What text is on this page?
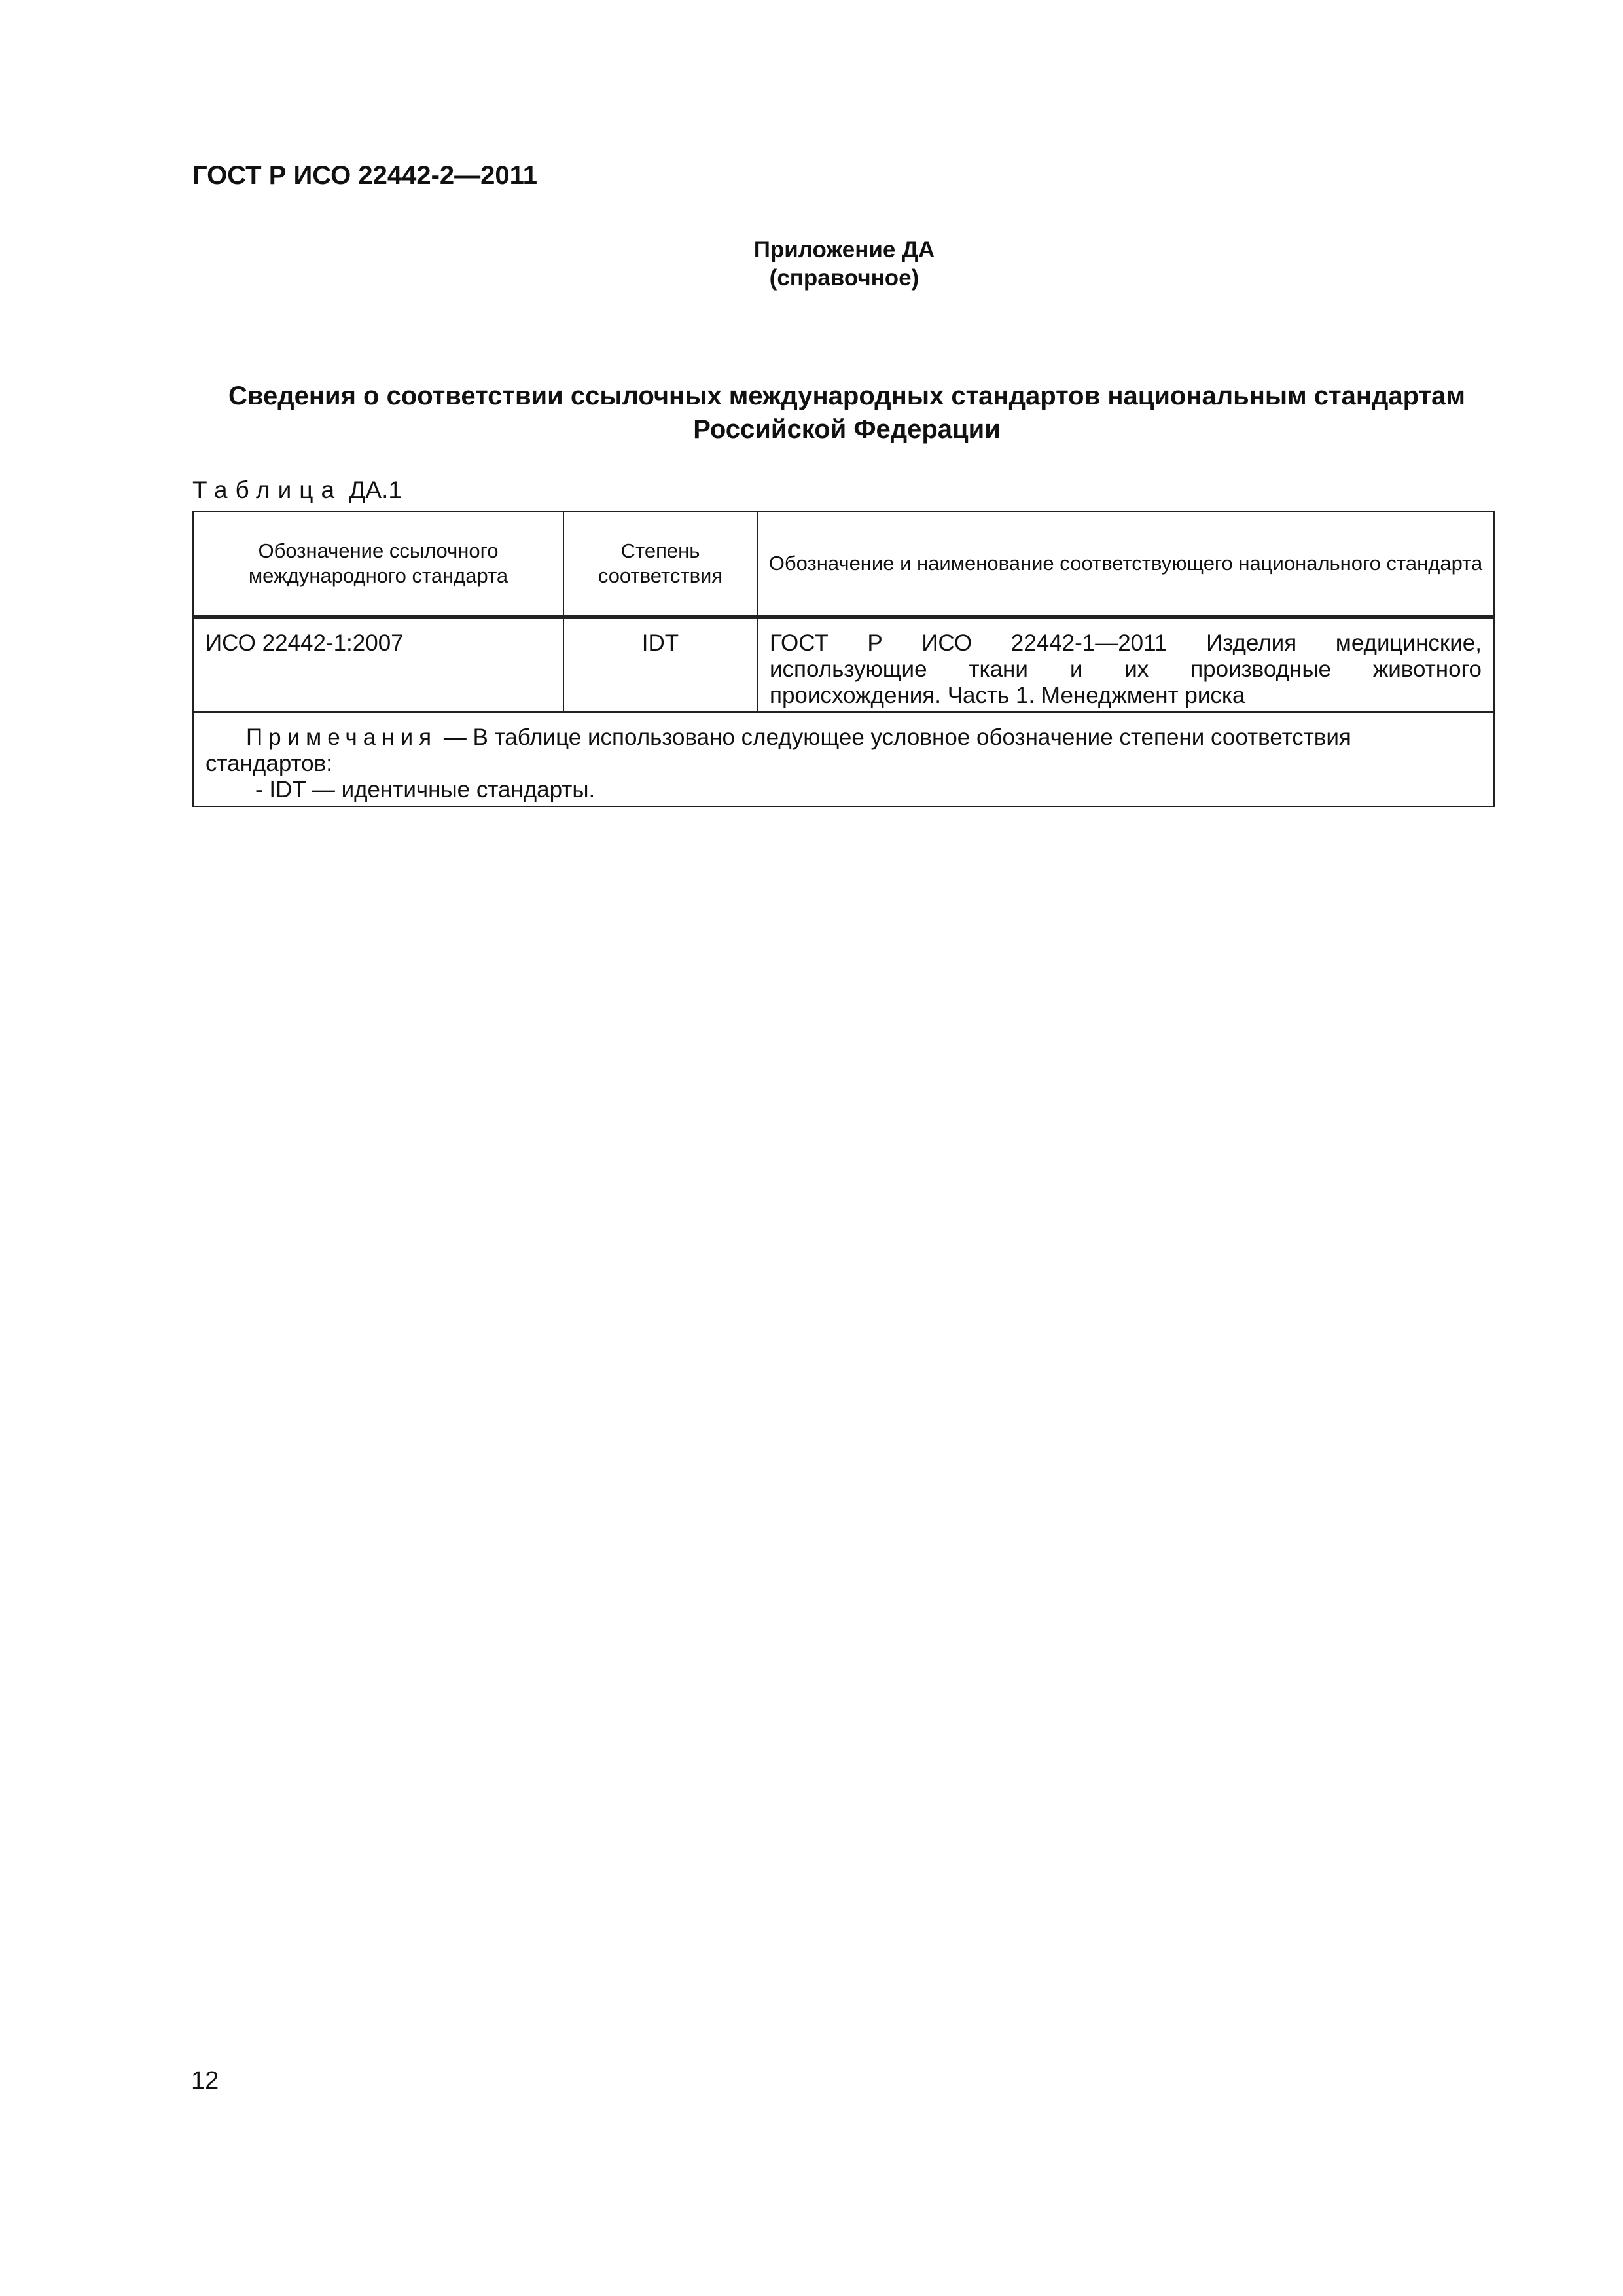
ГОСТ Р ИСО 22442-2—2011
Приложение ДА
(справочное)
Сведения о соответствии ссылочных международных стандартов национальным стандартам
Российской Федерации
Таблица ДА.1
Обозначение ссылочного международного стандарта	Степень соответствия	Обозначение и наименование соответствующего национального стандарта
ИСО 22442-1:2007	IDT	ГОСТ Р ИСО 22442-1—2011 Изделия медицинские, использующие ткани и их производные животного происхождения. Часть 1. Менеджмент риска

Примечания — В таблице использовано следующее условное обозначение степени соответствия стандартов:
- IDT — идентичные стандарты.		
12
